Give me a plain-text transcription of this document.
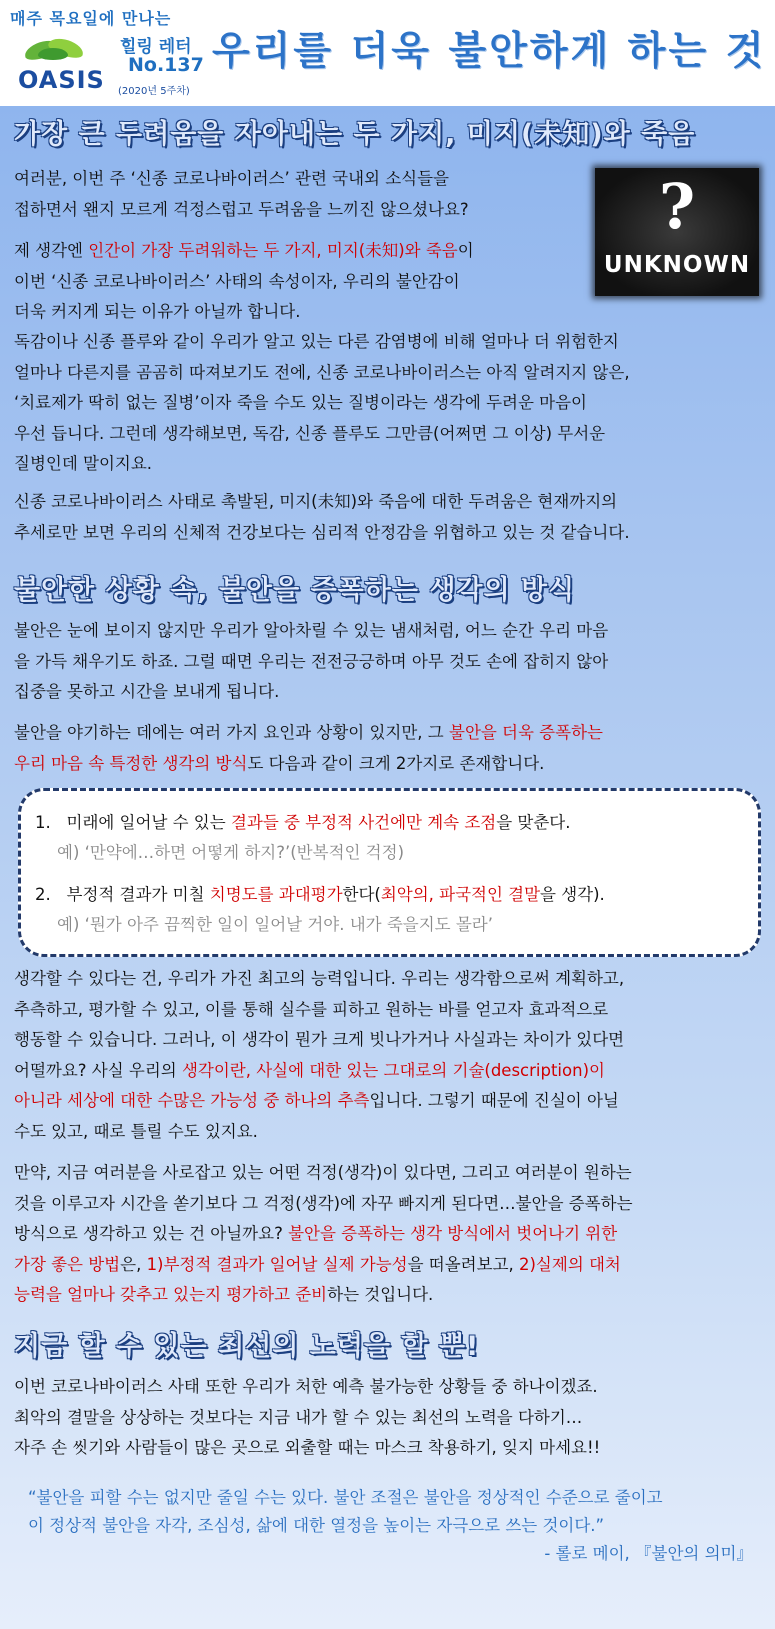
매주 목요일에 만나는
OASIS
힐링 레터
No.137
(2020년 5주차)
우리를 더욱 불안하게 하는 것
가장 큰 두려움을 자아내는 두 가지, 미지(未知)와 죽음
?
UNKNOWN
여러분, 이번 주 ‘신종 코로나바이러스’ 관련 국내외 소식들을
접하면서 왠지 모르게 걱정스럽고 두려움을 느끼진 않으셨나요?
제 생각엔 인간이 가장 두려워하는 두 가지, 미지(未知)와 죽음이
이번 ‘신종 코로나바이러스’ 사태의 속성이자, 우리의 불안감이
더욱 커지게 되는 이유가 아닐까 합니다.
독감이나 신종 플루와 같이 우리가 알고 있는 다른 감염병에 비해 얼마나 더 위험한지
얼마나 다른지를 곰곰히 따져보기도 전에, 신종 코로나바이러스는 아직 알려지지 않은,
‘치료제가 딱히 없는 질병’이자 죽을 수도 있는 질병이라는 생각에 두려운 마음이
우선 듭니다. 그런데 생각해보면, 독감, 신종 플루도 그만큼(어쩌면 그 이상) 무서운
질병인데 말이지요.
신종 코로나바이러스 사태로 촉발된, 미지(未知)와 죽음에 대한 두려움은 현재까지의
추세로만 보면 우리의 신체적 건강보다는 심리적 안정감을 위협하고 있는 것 같습니다.
불안한 상황 속, 불안을 증폭하는 생각의 방식
불안은 눈에 보이지 않지만 우리가 알아차릴 수 있는 냄새처럼, 어느 순간 우리 마음
을 가득 채우기도 하죠. 그럴 때면 우리는 전전긍긍하며 아무 것도 손에 잡히지 않아
집중을 못하고 시간을 보내게 됩니다.
불안을 야기하는 데에는 여러 가지 요인과 상황이 있지만, 그 불안을 더욱 증폭하는
우리 마음 속 특정한 생각의 방식도 다음과 같이 크게 2가지로 존재합니다.
1. 미래에 일어날 수 있는 결과들 중 부정적 사건에만 계속 조점을 맞춘다.
예) ‘만약에…하면 어떻게 하지?’(반복적인 걱정)
2. 부정적 결과가 미칠 치명도를 과대평가한다(최악의, 파국적인 결말을 생각).
예) ‘뭔가 아주 끔찍한 일이 일어날 거야. 내가 죽을지도 몰라’
생각할 수 있다는 건, 우리가 가진 최고의 능력입니다. 우리는 생각함으로써 계획하고,
추측하고, 평가할 수 있고, 이를 통해 실수를 피하고 원하는 바를 얻고자 효과적으로
행동할 수 있습니다. 그러나, 이 생각이 뭔가 크게 빗나가거나 사실과는 차이가 있다면
어떨까요? 사실 우리의 생각이란, 사실에 대한 있는 그대로의 기술(description)이
아니라 세상에 대한 수많은 가능성 중 하나의 추측입니다. 그렇기 때문에 진실이 아닐
수도 있고, 때로 틀릴 수도 있지요.
만약, 지금 여러분을 사로잡고 있는 어떤 걱정(생각)이 있다면, 그리고 여러분이 원하는
것을 이루고자 시간을 쏟기보다 그 걱정(생각)에 자꾸 빠지게 된다면…불안을 증폭하는
방식으로 생각하고 있는 건 아닐까요? 불안을 증폭하는 생각 방식에서 벗어나기 위한
가장 좋은 방법은, 1)부정적 결과가 일어날 실제 가능성을 떠올려보고, 2)실제의 대처
능력을 얼마나 갖추고 있는지 평가하고 준비하는 것입니다.
지금 할 수 있는 최선의 노력을 할 뿐!
이번 코로나바이러스 사태 또한 우리가 처한 예측 불가능한 상황들 중 하나이겠죠.
최악의 결말을 상상하는 것보다는 지금 내가 할 수 있는 최선의 노력을 다하기…
자주 손 씻기와 사람들이 많은 곳으로 외출할 때는 마스크 착용하기, 잊지 마세요!!
“불안을 피할 수는 없지만 줄일 수는 있다. 불안 조절은 불안을 정상적인 수준으로 줄이고
이 정상적 불안을 자각, 조심성, 삶에 대한 열정을 높이는 자극으로 쓰는 것이다.”
- 롤로 메이, 『불안의 의미』
